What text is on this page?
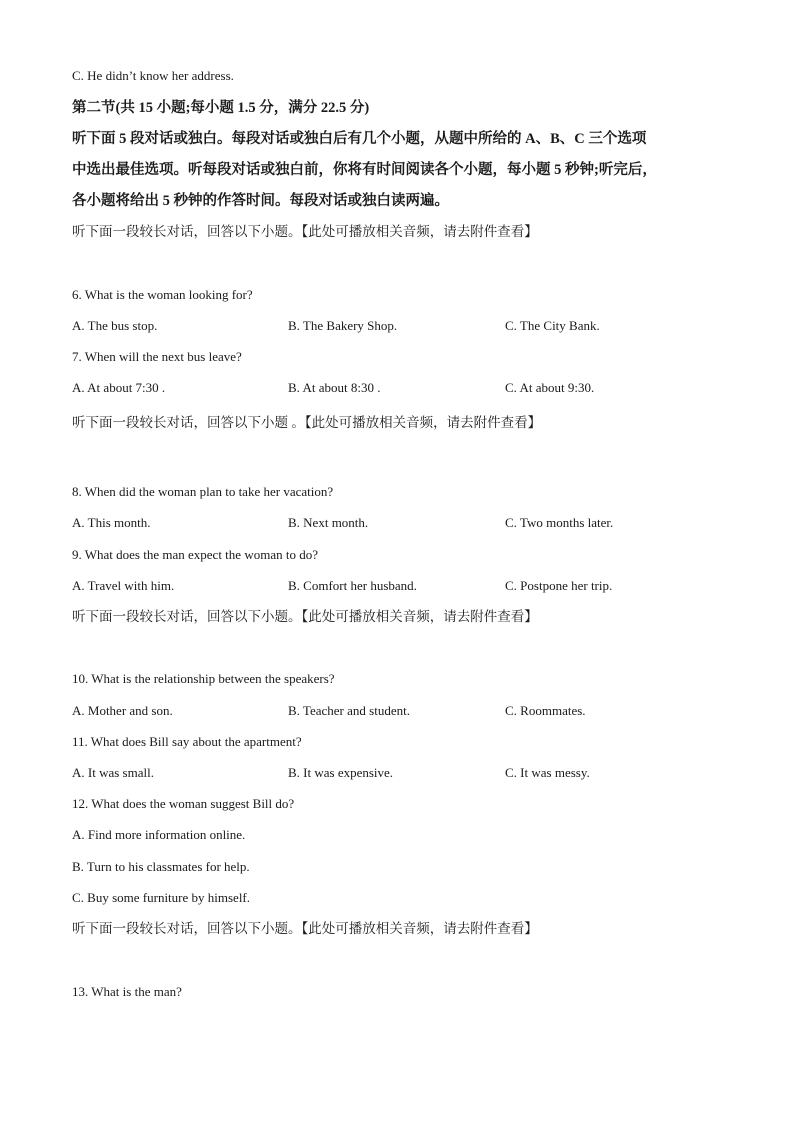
C. He didn’t know her address.
第二节(共 15 小题;每小题 1.5 分，满分 22.5 分)
听下面 5 段对话或独白。每段对话或独白后有几个小题，从题中所给的 A、B、C 三个选项
中选出最佳选项。听每段对话或独白前，你将有时间阅读各个小题，每小题 5 秒钟;听完后，
各小题将给出 5 秒钟的作答时间。每段对话或独白读两遍。
听下面一段较长对话，回答以下小题。【此处可播放相关音频，请去附件查看】
6. What is the woman looking for?
A. The bus stop.	B. The Bakery Shop.	C. The City Bank.
7. When will the next bus leave?
A. At about 7:30 .	B. At about 8:30 .	C. At about 9:30.
听下面一段较长对话，回答以下小题 。【此处可播放相关音频，请去附件查看】
8. When did the woman plan to take her vacation?
A. This month.	B. Next month.	C. Two months later.
9. What does the man expect the woman to do?
A. Travel with him.	B. Comfort her husband.	C. Postpone her trip.
听下面一段较长对话，回答以下小题。【此处可播放相关音频，请去附件查看】
10. What is the relationship between the speakers?
A. Mother and son.	B. Teacher and student.	C. Roommates.
11. What does Bill say about the apartment?
A. It was small.	B. It was expensive.	C. It was messy.
12. What does the woman suggest Bill do?
A. Find more information online.
B. Turn to his classmates for help.
C. Buy some furniture by himself.
听下面一段较长对话，回答以下小题。【此处可播放相关音频，请去附件查看】
13. What is the man?
